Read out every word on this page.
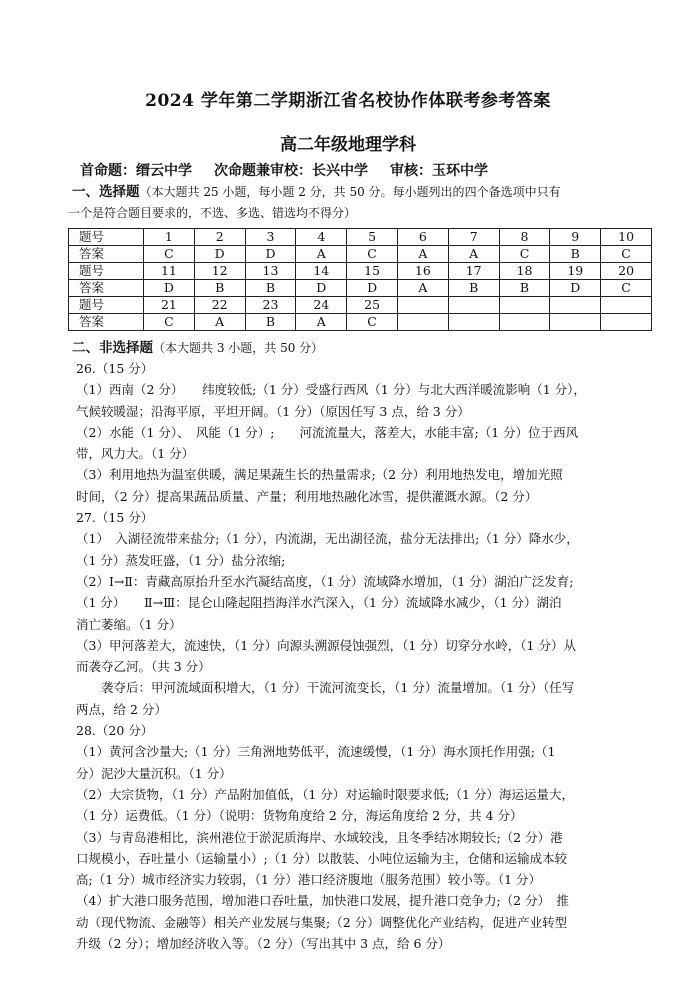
2024 学年第二学期浙江省名校协作体联考参考答案
高二年级地理学科
首命题：缙云中学 次命题兼审校：长兴中学 审核：玉环中学
一、选择题（本大题共 25 小题，每小题 2 分，共 50 分。每小题列出的四个备选项中只有
一个是符合题目要求的，不选、多选、错选均不得分）
题号	1	2	3	4	5	6	7	8	9	10
答案	C	D	D	A	C	A	A	C	B	C
题号	11	12	13	14	15	16	17	18	19	20
答案	D	B	B	D	D	A	B	B	D	C
题号	21	22	23	24	25					
答案	C	A	B	A	C					
二、非选择题（本大题共 3 小题，共 50 分）

26.（15 分）

（1）西南（2 分）　　纬度较低;（1 分）受盛行西风（1 分）与北大西洋暖流影响（1 分），

气候较暖湿；沿海平原，平坦开阔。（1 分）（原因任写 3 点，给 3 分）

（2）水能（1 分）、　风能（1 分）;　　河流流量大，落差大，水能丰富;（1 分）位于西风

带，风力大。（1 分）

（3）利用地热为温室供暖，满足果蔬生长的热量需求;（2 分）利用地热发电，增加光照

时间，（2 分）提高果蔬品质量、产量；利用地热融化冰雪，提供灌溉水源。（2 分）

27.（15 分）

（1）　入湖径流带来盐分;（1 分），内流湖，无出湖径流，盐分无法排出;（1 分）降水少，

（1 分）蒸发旺盛，（1 分）盐分浓缩;

（2）Ⅰ→Ⅱ：青藏高原抬升至水汽凝结高度，（1 分）流域降水增加，（1 分）湖泊广泛发育;

（1 分）　　Ⅱ→Ⅲ：昆仑山隆起阻挡海洋水汽深入，（1 分）流域降水减少，（1 分）湖泊

消亡萎缩。（1 分）

（3）甲河落差大，流速快，（1 分）向源头溯源侵蚀强烈，（1 分）切穿分水岭，（1 分）从

而袭夺乙河。（共 3 分）

　　袭夺后：甲河流域面积增大，（1 分）干流河流变长，（1 分）流量增加。（1 分）（任写

两点，给 2 分）

28.（20 分）

（1）黄河含沙量大;（1 分）三角洲地势低平，流速缓慢，（1 分）海水顶托作用强;（1

分）泥沙大量沉积。（1 分）

（2）大宗货物，（1 分）产品附加值低，（1 分）对运输时限要求低;（1 分）海运运量大，

（1 分）运费低。（1 分）（说明：货物角度给 2 分，海运角度给 2 分，共 4 分）

（3）与青岛港相比，滨州港位于淤泥质海岸、水域较浅，且冬季结冰期较长;（2 分）港

口规模小，吞吐量小（运输量小）;（1 分）以散装、小吨位运输为主，仓储和运输成本较

高;（1 分）城市经济实力较弱，（1 分）港口经济腹地（服务范围）较小等。（1 分）

（4）扩大港口服务范围，增加港口吞吐量，加快港口发展，提升港口竞争力;（2 分）　推

动（现代物流、金融等）相关产业发展与集聚;（2 分）调整优化产业结构，促进产业转型

升级（2 分）；增加经济收入等。（2 分）（写出其中 3 点，给 6 分）
